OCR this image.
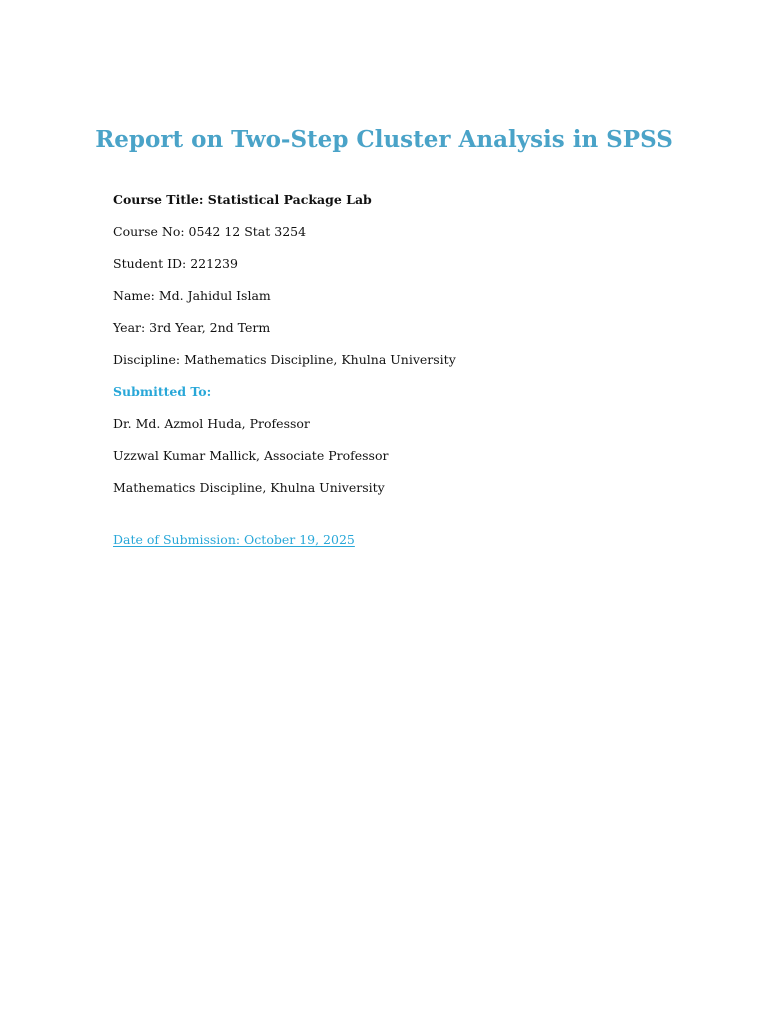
Report on Two-Step Cluster Analysis in SPSS
Course Title: Statistical Package Lab
Course No: 0542 12 Stat 3254
Student ID: 221239
Name: Md. Jahidul Islam
Year: 3rd Year, 2nd Term
Discipline: Mathematics Discipline, Khulna University
Submitted To:
Dr. Md. Azmol Huda, Professor
Uzzwal Kumar Mallick, Associate Professor
Mathematics Discipline, Khulna University
Date of Submission: October 19, 2025
